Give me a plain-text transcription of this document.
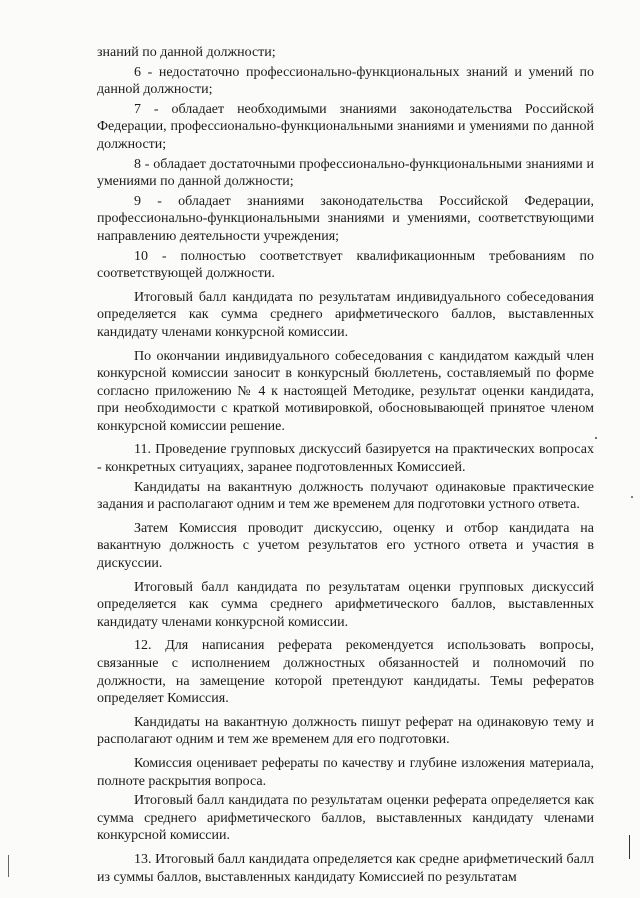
знаний по данной должности;

6 - недостаточно профессионально-функциональных знаний и умений по данной должности;

7 - обладает необходимыми знаниями законодательства Российской Федерации, профессионально-функциональными знаниями и умениями по данной должности;

8 - обладает достаточными профессионально-функциональными знаниями и умениями по данной должности;

9 - обладает знаниями законодательства Российской Федерации, профессионально-функциональными знаниями и умениями, соответствующими направлению деятельности учреждения;

10 - полностью соответствует квалификационным требованиям по соответствующей должности.

Итоговый балл кандидата по результатам индивидуального собеседования определяется как сумма среднего арифметического баллов, выставленных кандидату членами конкурсной комиссии.

По окончании индивидуального собеседования с кандидатом каждый член конкурсной комиссии заносит в конкурсный бюллетень, составляемый по форме согласно приложению № 4 к настоящей Методике, результат оценки кандидата, при необходимости с краткой мотивировкой, обосновывающей принятое членом конкурсной комиссии решение.

11. Проведение групповых дискуссий базируется на практических вопросах - конкретных ситуациях, заранее подготовленных Комиссией.

Кандидаты на вакантную должность получают одинаковые практические задания и располагают одним и тем же временем для подготовки устного ответа.

Затем Комиссия проводит дискуссию, оценку и отбор кандидата на вакантную должность с учетом результатов его устного ответа и участия в дискуссии.

Итоговый балл кандидата по результатам оценки групповых дискуссий определяется как сумма среднего арифметического баллов, выставленных кандидату членами конкурсной комиссии.

12. Для написания реферата рекомендуется использовать вопросы, связанные с исполнением должностных обязанностей и полномочий по должности, на замещение которой претендуют кандидаты. Темы рефератов определяет Комиссия.

Кандидаты на вакантную должность пишут реферат на одинаковую тему и располагают одним и тем же временем для его подготовки.

Комиссия оценивает рефераты по качеству и глубине изложения материала, полноте раскрытия вопроса.

Итоговый балл кандидата по результатам оценки реферата определяется как сумма среднего арифметического баллов, выставленных кандидату членами конкурсной комиссии.

13. Итоговый балл кандидата определяется как средне арифметический балл из суммы баллов, выставленных кандидату Комиссией по результатам
